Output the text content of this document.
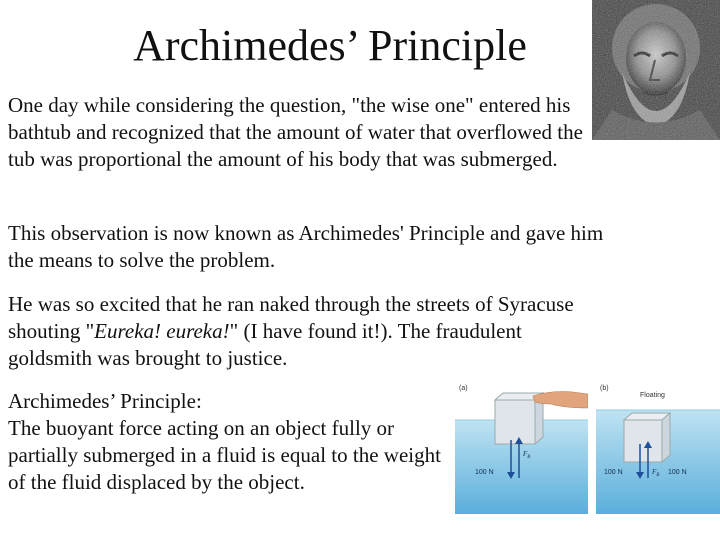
Archimedes’ Principle

One day while considering the question, "the wise one" entered his bathtub and recognized that the amount of water that overflowed the tub was proportional the amount of his body that was submerged.

This observation is now known as Archimedes' Principle and gave him the means to solve the problem.

He was so excited that he ran naked through the streets of Syracuse shouting "Eureka! eureka!" (I have found it!). The fraudulent goldsmith was brought to justice.

Archimedes’ Principle:
The buoyant force acting on an object fully or partially submerged in a fluid is equal to the weight of the fluid displaced by the object.

(a)
100 N
$F_B$
(b)
Floating
100 N	$F_B$ 100 N
